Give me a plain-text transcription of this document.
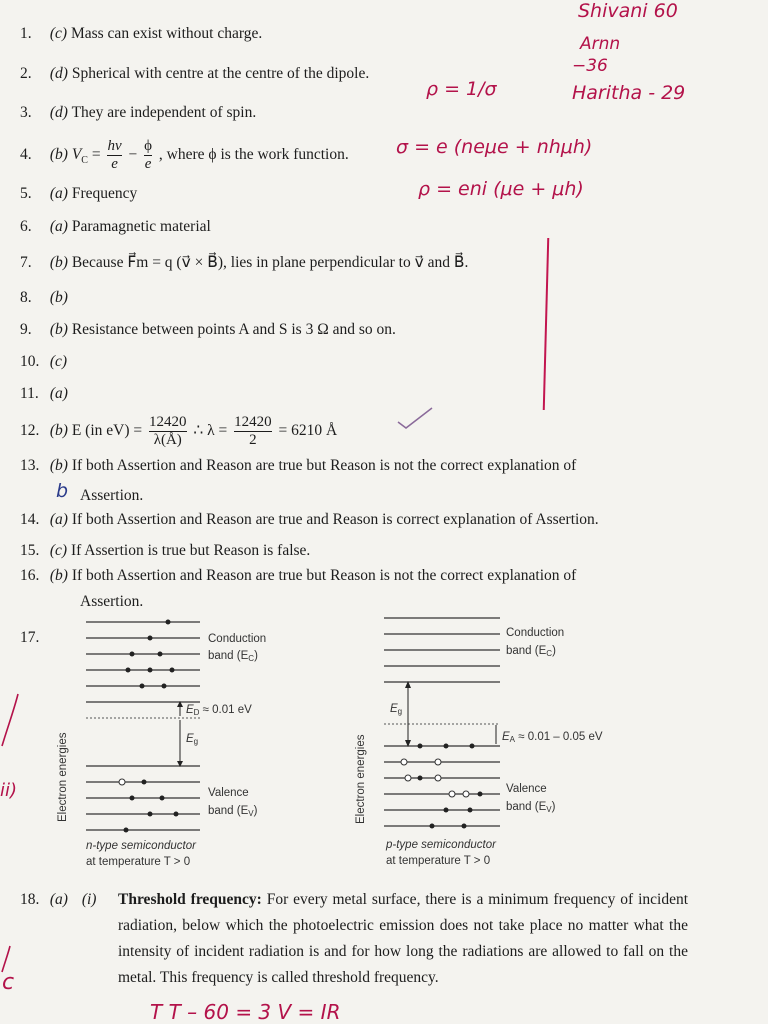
1. (c) Mass can exist without charge.
2. (d) Spherical with centre at the centre of the dipole.
3. (d) They are independent of spin.
4. (b) $V_C = \frac{h\nu}{e} - \frac{\phi}{e}$ , where ϕ is the work function.
5. (a) Frequency
6. (a) Paramagnetic material
7. (b) Because F⃗m = q (v⃗ × B⃗), lies in plane perpendicular to v⃗ and B⃗.
8. (b)
9. (b) Resistance between points A and S is 3 Ω and so on.
10. (c)
11. (a)
12. (b) E (in $eV) = \frac{12420}{\lambda(Å)}$ ∴ $\lambda = \frac{12420}{2} = 6210$ Å
13. (b) If both Assertion and Reason are true but Reason is not the correct explanation of
Assertion.
14. (a) If both Assertion and Reason are true and Reason is correct explanation of Assertion.
15. (c) If Assertion is true but Reason is false.
16. (b) If both Assertion and Reason are true but Reason is not the correct explanation of
Assertion.
17.
Electron energies
Conduction
band (EC)
ED ≈ 0.01 eV
Eg
Valence
band (EV)
n-type semiconductor
at temperature T > 0
Electron energies
Conduction
band (EC)
Eg
EA ≈ 0.01 – 0.05 eV
Valence
band (EV)
p-type semiconductor
at temperature T > 0
18. (a) (i) Threshold frequency: For every metal surface, there is a minimum frequency of incident radiation, below which the photoelectric emission does not take place no matter what the intensity of incident radiation is and for how long the radiations are allowed to fall on the metal. This frequency is called threshold frequency.
Shivani 60
Arnn
−36
Haritha - 29
ρ = 1/σ
σ = e (neμe + nhμh)
ρ = eni (μe + μh)
b
ii)
c
T T – 60 = 3 V = IR
